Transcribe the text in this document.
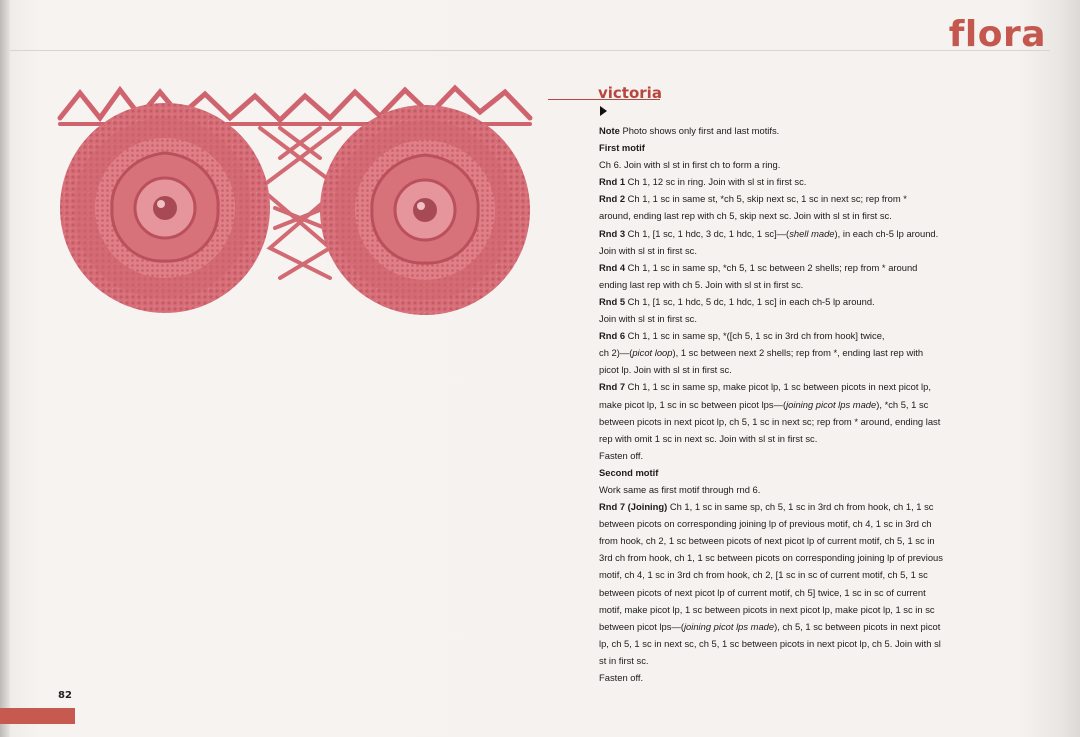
flora
victoria
Note Photo shows only first and last motifs.
First motif
Ch 6. Join with sl st in first ch to form a ring.
Rnd 1 Ch 1, 12 sc in ring. Join with sl st in first sc.
Rnd 2 Ch 1, 1 sc in same st, *ch 5, skip next sc, 1 sc in next sc; rep from *
around, ending last rep with ch 5, skip next sc. Join with sl st in first sc.
Rnd 3 Ch 1, [1 sc, 1 hdc, 3 dc, 1 hdc, 1 sc]—(shell made), in each ch-5 lp around.
Join with sl st in first sc.
Rnd 4 Ch 1, 1 sc in same sp, *ch 5, 1 sc between 2 shells; rep from * around
ending last rep with ch 5. Join with sl st in first sc.
Rnd 5 Ch 1, [1 sc, 1 hdc, 5 dc, 1 hdc, 1 sc] in each ch-5 lp around.
Join with sl st in first sc.
Rnd 6 Ch 1, 1 sc in same sp, *([ch 5, 1 sc in 3rd ch from hook] twice,
ch 2)—(picot loop), 1 sc between next 2 shells; rep from *, ending last rep with
picot lp. Join with sl st in first sc.
Rnd 7 Ch 1, 1 sc in same sp, make picot lp, 1 sc between picots in next picot lp,
make picot lp, 1 sc in sc between picot lps—(joining picot lps made), *ch 5, 1 sc
between picots in next picot lp, ch 5, 1 sc in next sc; rep from * around, ending last
rep with omit 1 sc in next sc. Join with sl st in first sc.
Fasten off.
Second motif
Work same as first motif through rnd 6.
Rnd 7 (Joining) Ch 1, 1 sc in same sp, ch 5, 1 sc in 3rd ch from hook, ch 1, 1 sc
between picots on corresponding joining lp of previous motif, ch 4, 1 sc in 3rd ch
from hook, ch 2, 1 sc between picots of next picot lp of current motif, ch 5, 1 sc in
3rd ch from hook, ch 1, 1 sc between picots on corresponding joining lp of previous
motif, ch 4, 1 sc in 3rd ch from hook, ch 2, [1 sc in sc of current motif, ch 5, 1 sc
between picots of next picot lp of current motif, ch 5] twice, 1 sc in sc of current
motif, make picot lp, 1 sc between picots in next picot lp, make picot lp, 1 sc in sc
between picot lps—(joining picot lps made), ch 5, 1 sc between picots in next picot
lp, ch 5, 1 sc in next sc, ch 5, 1 sc between picots in next picot lp, ch 5. Join with sl
st in first sc.
Fasten off.
82
